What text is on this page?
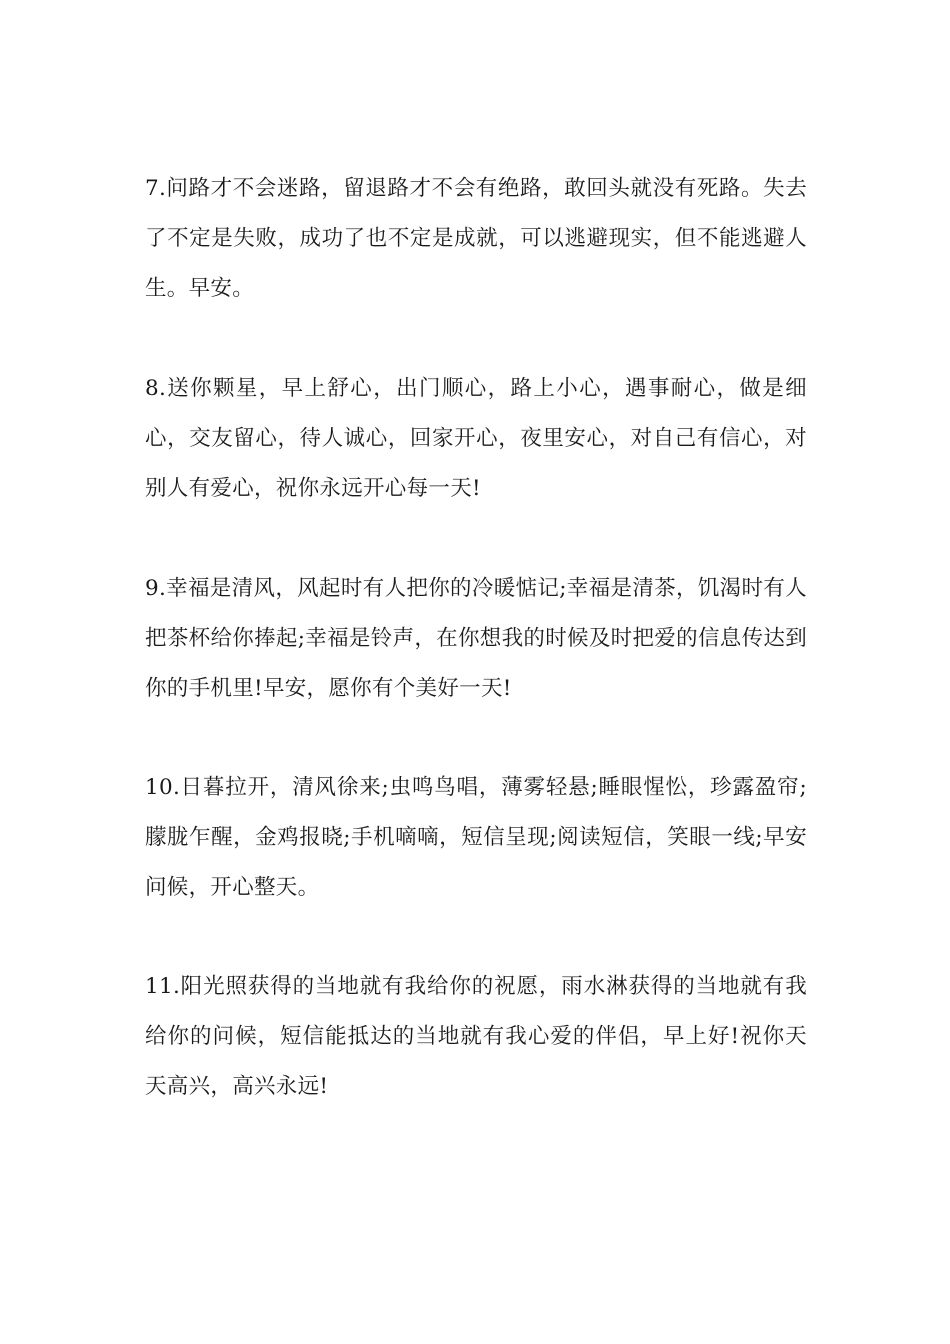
7.问路才不会迷路，留退路才不会有绝路，敢回头就没有死路。失去了不定是失败，成功了也不定是成就，可以逃避现实，但不能逃避人生。早安。

8.送你颗星，早上舒心，出门顺心，路上小心，遇事耐心，做是细心，交友留心，待人诚心，回家开心，夜里安心，对自己有信心，对别人有爱心，祝你永远开心每一天!

9.幸福是清风，风起时有人把你的冷暖惦记;幸福是清茶，饥渴时有人把茶杯给你捧起;幸福是铃声，在你想我的时候及时把爱的信息传达到你的手机里!早安，愿你有个美好一天!

10.日暮拉开，清风徐来;虫鸣鸟唱，薄雾轻悬;睡眼惺忪，珍露盈帘;朦胧乍醒，金鸡报晓;手机嘀嘀，短信呈现;阅读短信，笑眼一线;早安问候，开心整天。

11.阳光照获得的当地就有我给你的祝愿，雨水淋获得的当地就有我给你的问候，短信能抵达的当地就有我心爱的伴侣，早上好!祝你天天高兴，高兴永远!
